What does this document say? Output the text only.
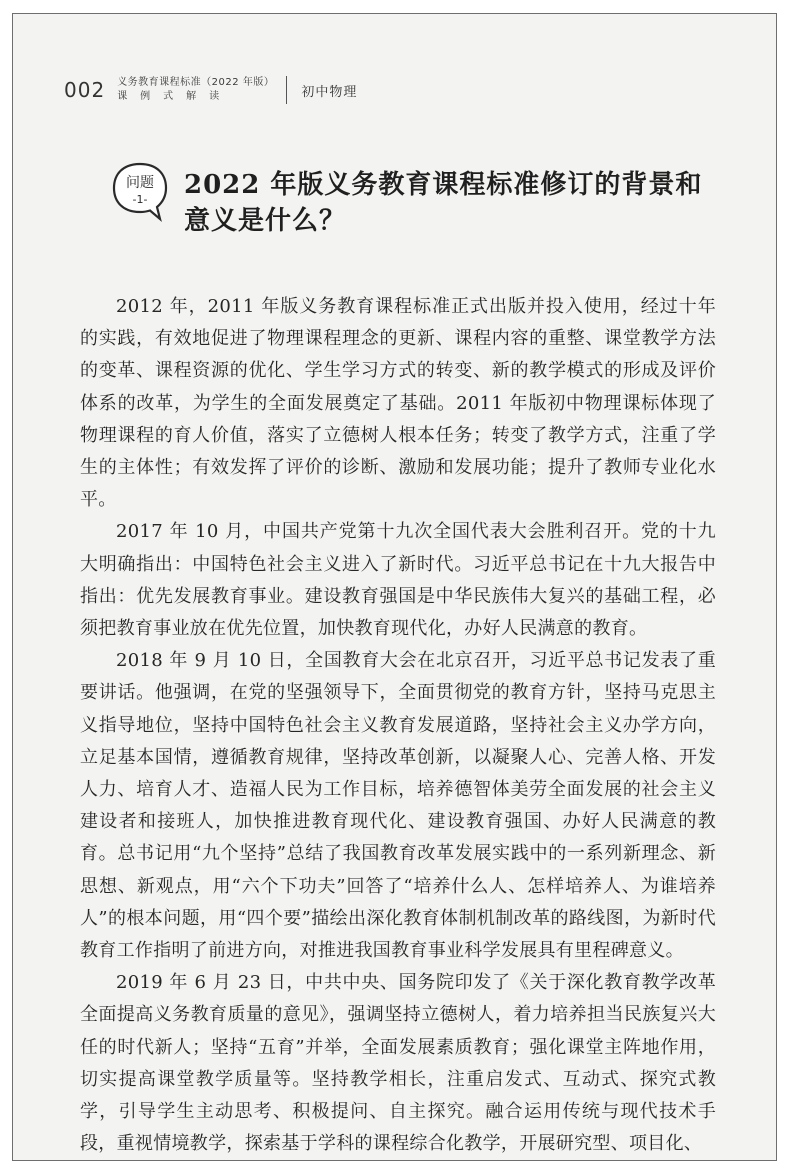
002 义务教育课程标准（2022 年版）
课例式解读	初中物理
问题
-1-	2022 年版义务教育课程标准修订的背景和意义是什么？

2012 年，2011 年版义务教育课程标准正式出版并投入使用，经过十年的实践，有效地促进了物理课程理念的更新、课程内容的重整、课堂教学方法的变革、课程资源的优化、学生学习方式的转变、新的教学模式的形成及评价体系的改革，为学生的全面发展奠定了基础。2011 年版初中物理课标体现了物理课程的育人价值，落实了立德树人根本任务；转变了教学方式，注重了学生的主体性；有效发挥了评价的诊断、激励和发展功能；提升了教师专业化水平。

2017 年 10 月，中国共产党第十九次全国代表大会胜利召开。党的十九大明确指出：中国特色社会主义进入了新时代。习近平总书记在十九大报告中指出：优先发展教育事业。建设教育强国是中华民族伟大复兴的基础工程，必须把教育事业放在优先位置，加快教育现代化，办好人民满意的教育。

2018 年 9 月 10 日，全国教育大会在北京召开，习近平总书记发表了重要讲话。他强调，在党的坚强领导下，全面贯彻党的教育方针，坚持马克思主义指导地位，坚持中国特色社会主义教育发展道路，坚持社会主义办学方向，立足基本国情，遵循教育规律，坚持改革创新，以凝聚人心、完善人格、开发人力、培育人才、造福人民为工作目标，培养德智体美劳全面发展的社会主义建设者和接班人，加快推进教育现代化、建设教育强国、办好人民满意的教育。总书记用“九个坚持”总结了我国教育改革发展实践中的一系列新理念、新思想、新观点，用“六个下功夫”回答了“培养什么人、怎样培养人、为谁培养人”的根本问题，用“四个要”描绘出深化教育体制机制改革的路线图，为新时代教育工作指明了前进方向，对推进我国教育事业科学发展具有里程碑意义。

2019 年 6 月 23 日，中共中央、国务院印发了《关于深化教育教学改革 全面提高义务教育质量的意见》，强调坚持立德树人，着力培养担当民族复兴大任的时代新人；坚持“五育”并举，全面发展素质教育；强化课堂主阵地作用，切实提高课堂教学质量等。坚持教学相长，注重启发式、互动式、探究式教学，引导学生主动思考、积极提问、自主探究。融合运用传统与现代技术手段，重视情境教学，探索基于学科的课程综合化教学，开展研究型、项目化、
